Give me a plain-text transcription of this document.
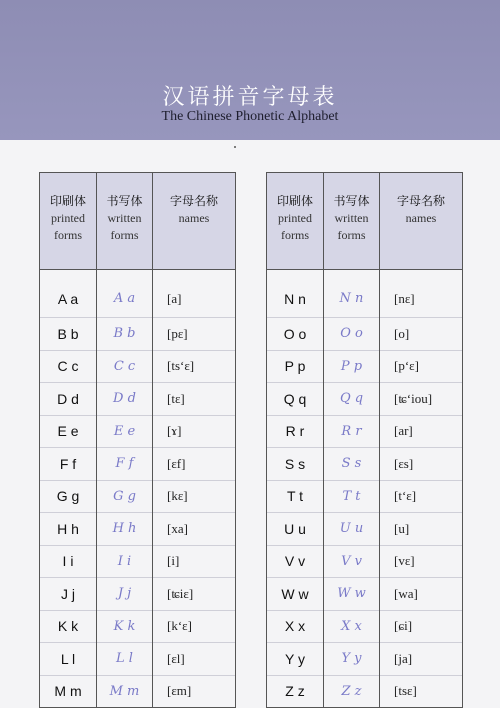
汉语拼音字母表
The Chinese Phonetic Alphabet
印刷体
printed
forms	书写体
written
forms	字母名称
names

A a	A a	[a]
B b	B b	[pɛ]
C c	C c	[tsʻɛ]
D d	D d	[tɛ]
E e	E e	[ɤ]
F f	F f	[ɛf]
G g	G g	[kɛ]
H h	H h	[xa]
I i	I i	[i]
J j	J j	[ʨiɛ]
K k	K k	[kʻɛ]
L l	L l	[ɛl]
M m	M m	[ɛm]
印刷体
printed
forms	书写体
written
forms	字母名称
names

N n	N n	[nɛ]
O o	O o	[o]
P p	P p	[pʻɛ]
Q q	Q q	[ʨʻiou]
R r	R r	[ar]
S s	S s	[ɛs]
T t	T t	[tʻɛ]
U u	U u	[u]
V v	V v	[vɛ]
W w	W w	[wa]
X x	X x	[ɕi]
Y y	Y y	[ja]
Z z	Z z	[tsɛ]
